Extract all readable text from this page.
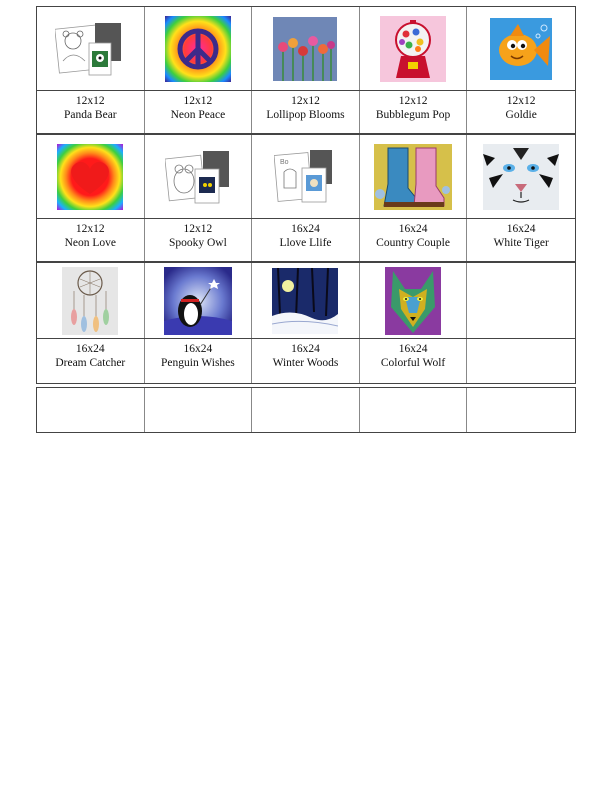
12x12
Panda Bear
12x12
Neon Peace
12x12
Lollipop Blooms
12x12
Bubblegum Pop
12x12
Goldie
Bo
12x12
Neon Love
12x12
Spooky Owl
16x24
Llove Llife
16x24
Country Couple
16x24
White Tiger
16x24
Dream Catcher
16x24
Penguin Wishes
16x24
Winter Woods
16x24
Colorful Wolf
